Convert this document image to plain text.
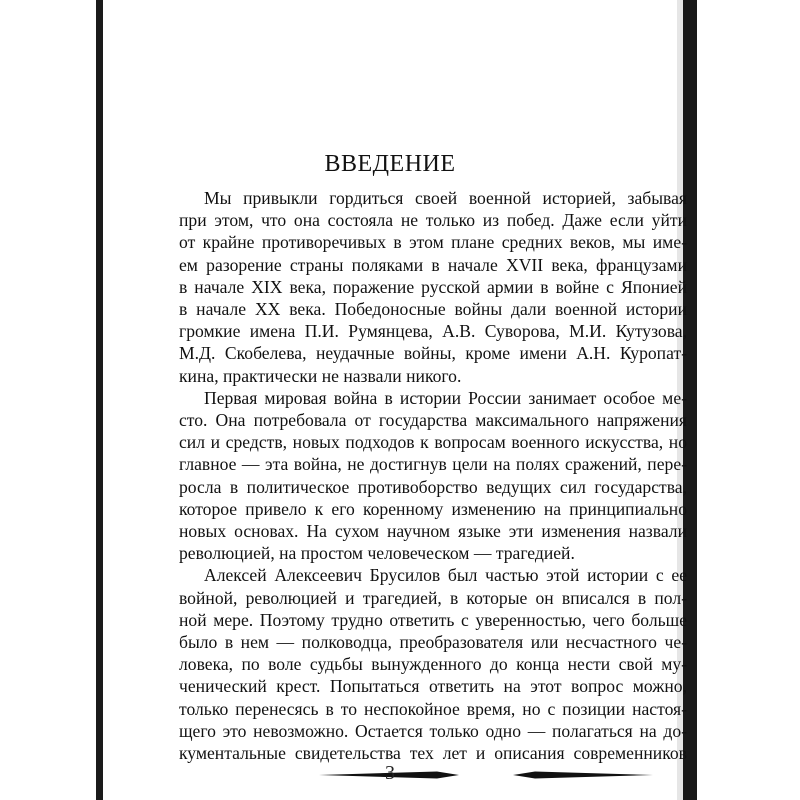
ВВЕДЕНИЕ
Мы привыкли гордиться своей военной историей, забывая
при этом, что она состояла не только из побед. Даже если уйти
от крайне противоречивых в этом плане средних веков, мы име-
ем разорение страны поляками в начале XVII века, французами
в начале XIX века, поражение русской армии в войне с Японией
в начале XX века. Победоносные войны дали военной истории
громкие имена П.И. Румянцева, А.В. Суворова, М.И. Кутузова,
М.Д. Скобелева, неудачные войны, кроме имени А.Н. Куропат-
кина, практически не назвали никого.
Первая мировая война в истории России занимает особое ме-
сто. Она потребовала от государства максимального напряжения
сил и средств, новых подходов к вопросам военного искусства, но
главное — эта война, не достигнув цели на полях сражений, пере-
росла в политическое противоборство ведущих сил государства,
которое привело к его коренному изменению на принципиально
новых основах. На сухом научном языке эти изменения назвали
революцией, на простом человеческом — трагедией.
Алексей Алексеевич Брусилов был частью этой истории с ее
войной, революцией и трагедией, в которые он вписался в пол-
ной мере. Поэтому трудно ответить с уверенностью, чего больше
было в нем — полководца, преобразователя или несчастного че-
ловека, по воле судьбы вынужденного до конца нести свой му-
ченический крест. Попытаться ответить на этот вопрос можно,
только перенесясь в то неспокойное время, но с позиции настоя-
щего это невозможно. Остается только одно — полагаться на до-
кументальные свидетельства тех лет и описания современников
3
